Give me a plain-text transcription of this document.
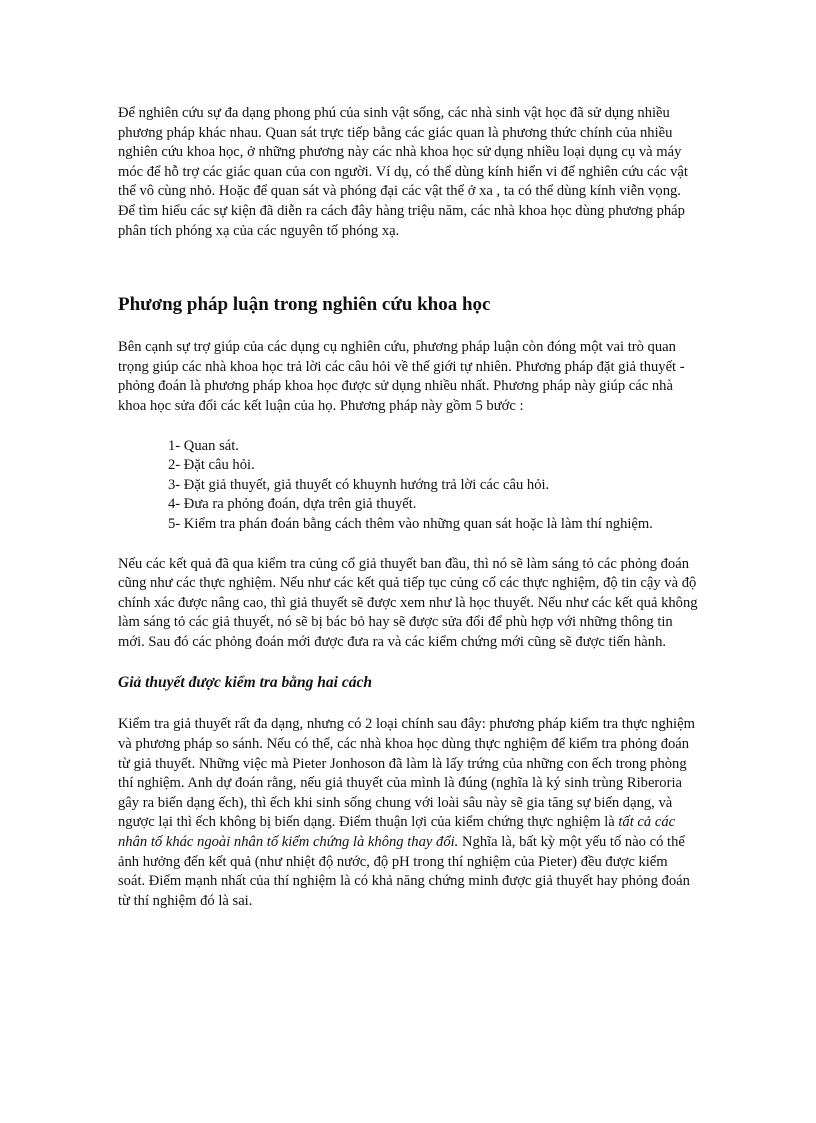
Để nghiên cứu sự đa dạng phong phú của sinh vật sống, các nhà sinh vật học đã sử dụng nhiều phương pháp khác nhau. Quan sát trực tiếp bằng các giác quan là phương thức chính của nhiều nghiên cứu khoa học, ở những phương này các nhà khoa học sử dụng nhiều loại dụng cụ và máy móc để hỗ trợ các giác quan của con người. Ví dụ, có thể dùng kính hiển vi để nghiên cứu các vật thể vô cùng nhỏ. Hoặc để quan sát và phóng đại các vật thể ở xa , ta có thể dùng kính viễn vọng. Để tìm hiểu các sự kiện đã diễn ra cách đây hàng triệu năm, các nhà khoa học dùng phương pháp phân tích phóng xạ của các nguyên tố phóng xạ.

Phương pháp luận trong nghiên cứu khoa học

Bên cạnh sự trợ giúp của các dụng cụ nghiên cứu, phương pháp luận còn đóng một vai trò quan trọng giúp các nhà khoa học trả lời các câu hỏi về thế giới tự nhiên. Phương pháp đặt giả thuyết - phỏng đoán là phương pháp khoa học được sử dụng nhiều nhất. Phương pháp này giúp các nhà khoa học sửa đổi các kết luận của họ. Phương pháp này gồm 5 bước :

1- Quan sát.
2- Đặt câu hỏi.
3- Đặt giả thuyết, giả thuyết có khuynh hướng trả lời các câu hỏi.
4- Đưa ra phỏng đoán, dựa trên giả thuyết.
5- Kiểm tra phán đoán bằng cách thêm vào những quan sát hoặc là làm thí nghiệm.

Nếu các kết quả đã qua kiểm tra củng cố giả thuyết ban đầu, thì nó sẽ làm sáng tỏ các phỏng đoán cũng như các thực nghiệm. Nếu như các kết quả tiếp tục củng cố các thực nghiệm, độ tin cậy và độ chính xác được nâng cao, thì giả thuyết sẽ được xem như là học thuyết. Nếu như các kết quả không làm sáng tỏ các giả thuyết, nó sẽ bị bác bỏ hay sẽ được sửa đổi để phù hợp với những thông tin mới. Sau đó các phỏng đoán mới được đưa ra và các kiểm chứng mới cũng sẽ được tiến hành.

Giả thuyết được kiểm tra bằng hai cách

Kiểm tra giả thuyết rất đa dạng, nhưng có 2 loại chính sau đây: phương pháp kiểm tra thực nghiệm và phương pháp so sánh. Nếu có thể, các nhà khoa học dùng thực nghiệm để kiểm tra phỏng đoán từ giả thuyết. Những việc mà Pieter Jonhoson đã làm là lấy trứng của những con ếch trong phòng thí nghiệm. Anh dự đoán rằng, nếu giả thuyết của mình là đúng (nghĩa là ký sinh trùng Riberoria gây ra biến dạng ếch), thì ếch khi sinh sống chung với loài sâu này sẽ gia tăng sự biến dạng, và ngược lại thì ếch không bị biến dạng. Điểm thuận lợi của kiểm chứng thực nghiệm là tất cả các nhân tố khác ngoài nhân tố kiểm chứng là không thay đổi. Nghĩa là, bất kỳ một yếu tố nào có thể ảnh hưởng đến kết quả (như nhiệt độ nước, độ pH trong thí nghiệm của Pieter) đều được kiểm soát. Điểm mạnh nhất của thí nghiệm là có khả năng chứng minh được giả thuyết hay phỏng đoán từ thí nghiệm đó là sai.
